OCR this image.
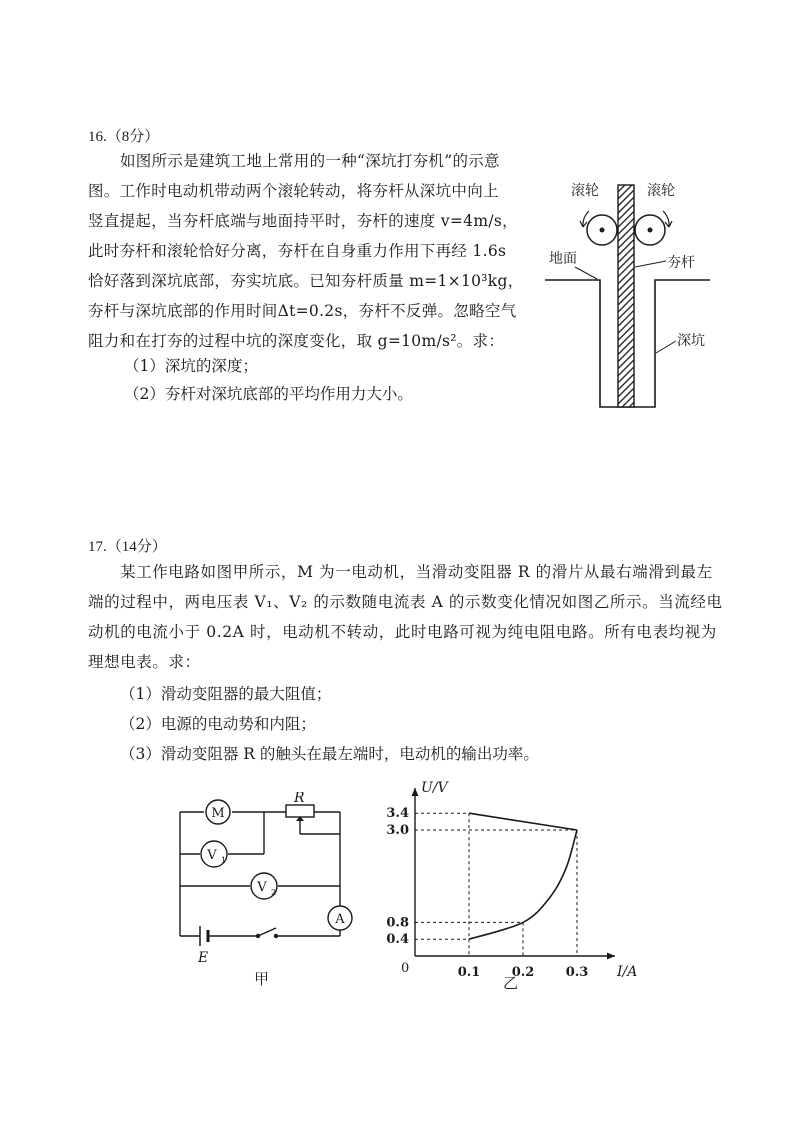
16.（8分）
如图所示是建筑工地上常用的一种“深坑打夯机”的示意
图。工作时电动机带动两个滚轮转动，将夯杆从深坑中向上
竖直提起，当夯杆底端与地面持平时，夯杆的速度 v=4m/s，
此时夯杆和滚轮恰好分离，夯杆在自身重力作用下再经 1.6s
恰好落到深坑底部，夯实坑底。已知夯杆质量 m=1×10³kg，
夯杆与深坑底部的作用时间Δt=0.2s，夯杆不反弹。忽略空气
阻力和在打夯的过程中坑的深度变化，取 g=10m/s²。求：
（1）深坑的深度；
（2）夯杆对深坑底部的平均作用力大小。
滚轮	滚轮
地面	夯杆
深坑
17.（14分）
某工作电路如图甲所示，M 为一电动机，当滑动变阻器 R 的滑片从最右端滑到最左
端的过程中，两电压表 V₁、V₂ 的示数随电流表 A 的示数变化情况如图乙所示。当流经电
动机的电流小于 0.2A 时，电动机不转动，此时电路可视为纯电阻电路。所有电表均视为
理想电表。求：
（1）滑动变阻器的最大阻值；
（2）电源的电动势和内阻；
（3）滑动变阻器 R 的触头在最左端时，电动机的输出功率。
M
V 1
V 2
A
R
E
甲
U/V
I/A
0	0.1 0.2 0.3
0.4
0.8
3.0
3.4
乙
